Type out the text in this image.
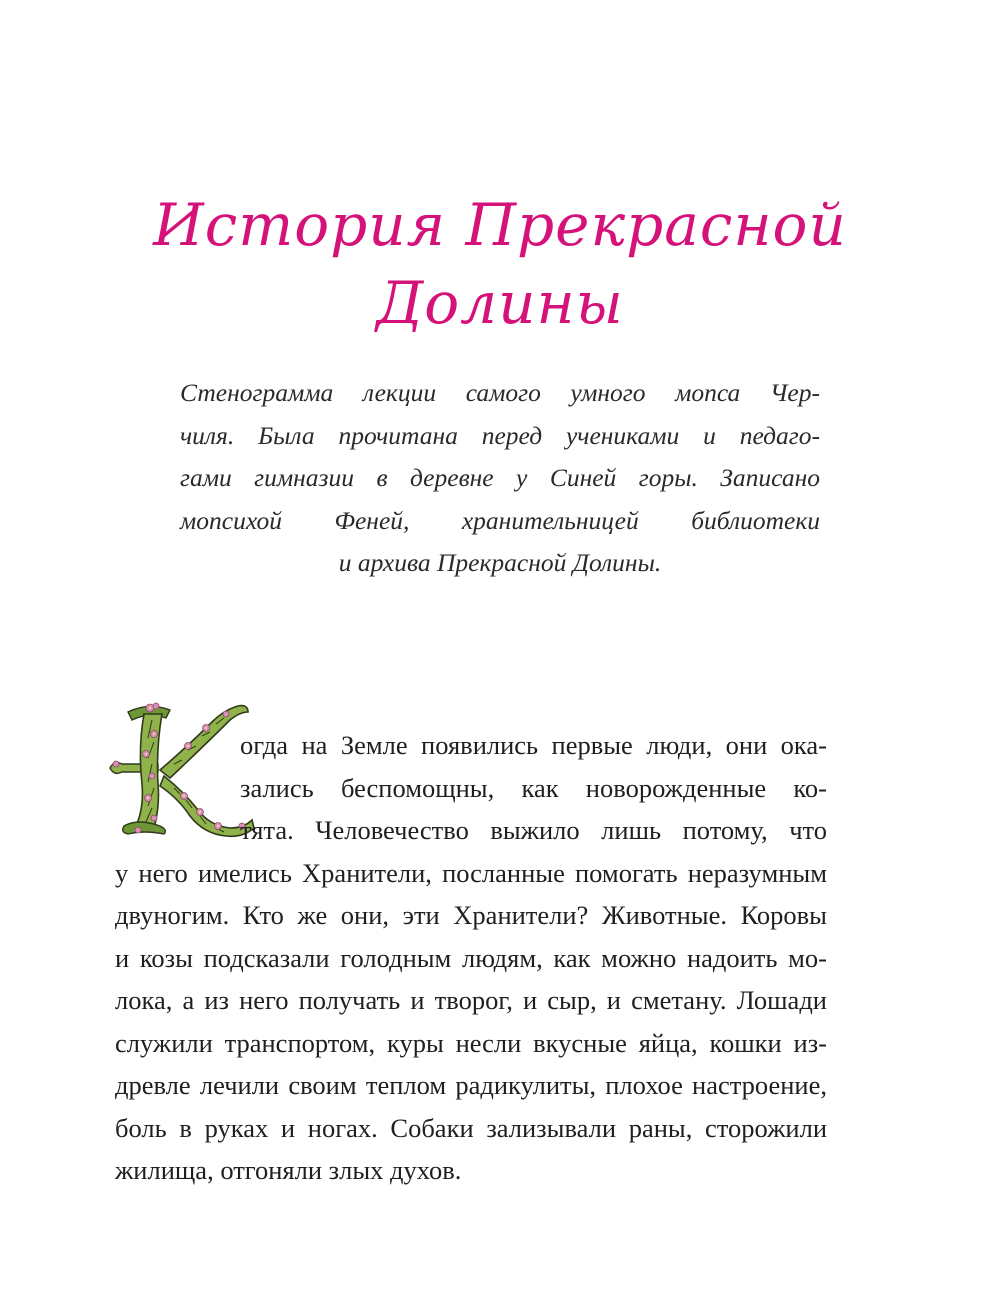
История Прекрасной
Долины
Стенограмма лекции самого умного мопса Чер-
чиля. Была прочитана перед учениками и педаго-
гами гимназии в деревне у Синей горы. Записано
мопсихой Феней, хранительницей библиотеки
и архива Прекрасной Долины.
К
огда на Земле появились первые люди, они ока-
зались беспомощны, как новорожденные ко-
тята. Человечество выжило лишь потому, что
у него имелись Хранители, посланные помогать неразумным
двуногим. Кто же они, эти Хранители? Животные. Коровы
и козы подсказали голодным людям, как можно надоить мо-
лока, а из него получать и творог, и сыр, и сметану. Лошади
служили транспортом, куры несли вкусные яйца, кошки из-
древле лечили своим теплом радикулиты, плохое настроение,
боль в руках и ногах. Собаки зализывали раны, сторожили
жилища, отгоняли злых духов.
